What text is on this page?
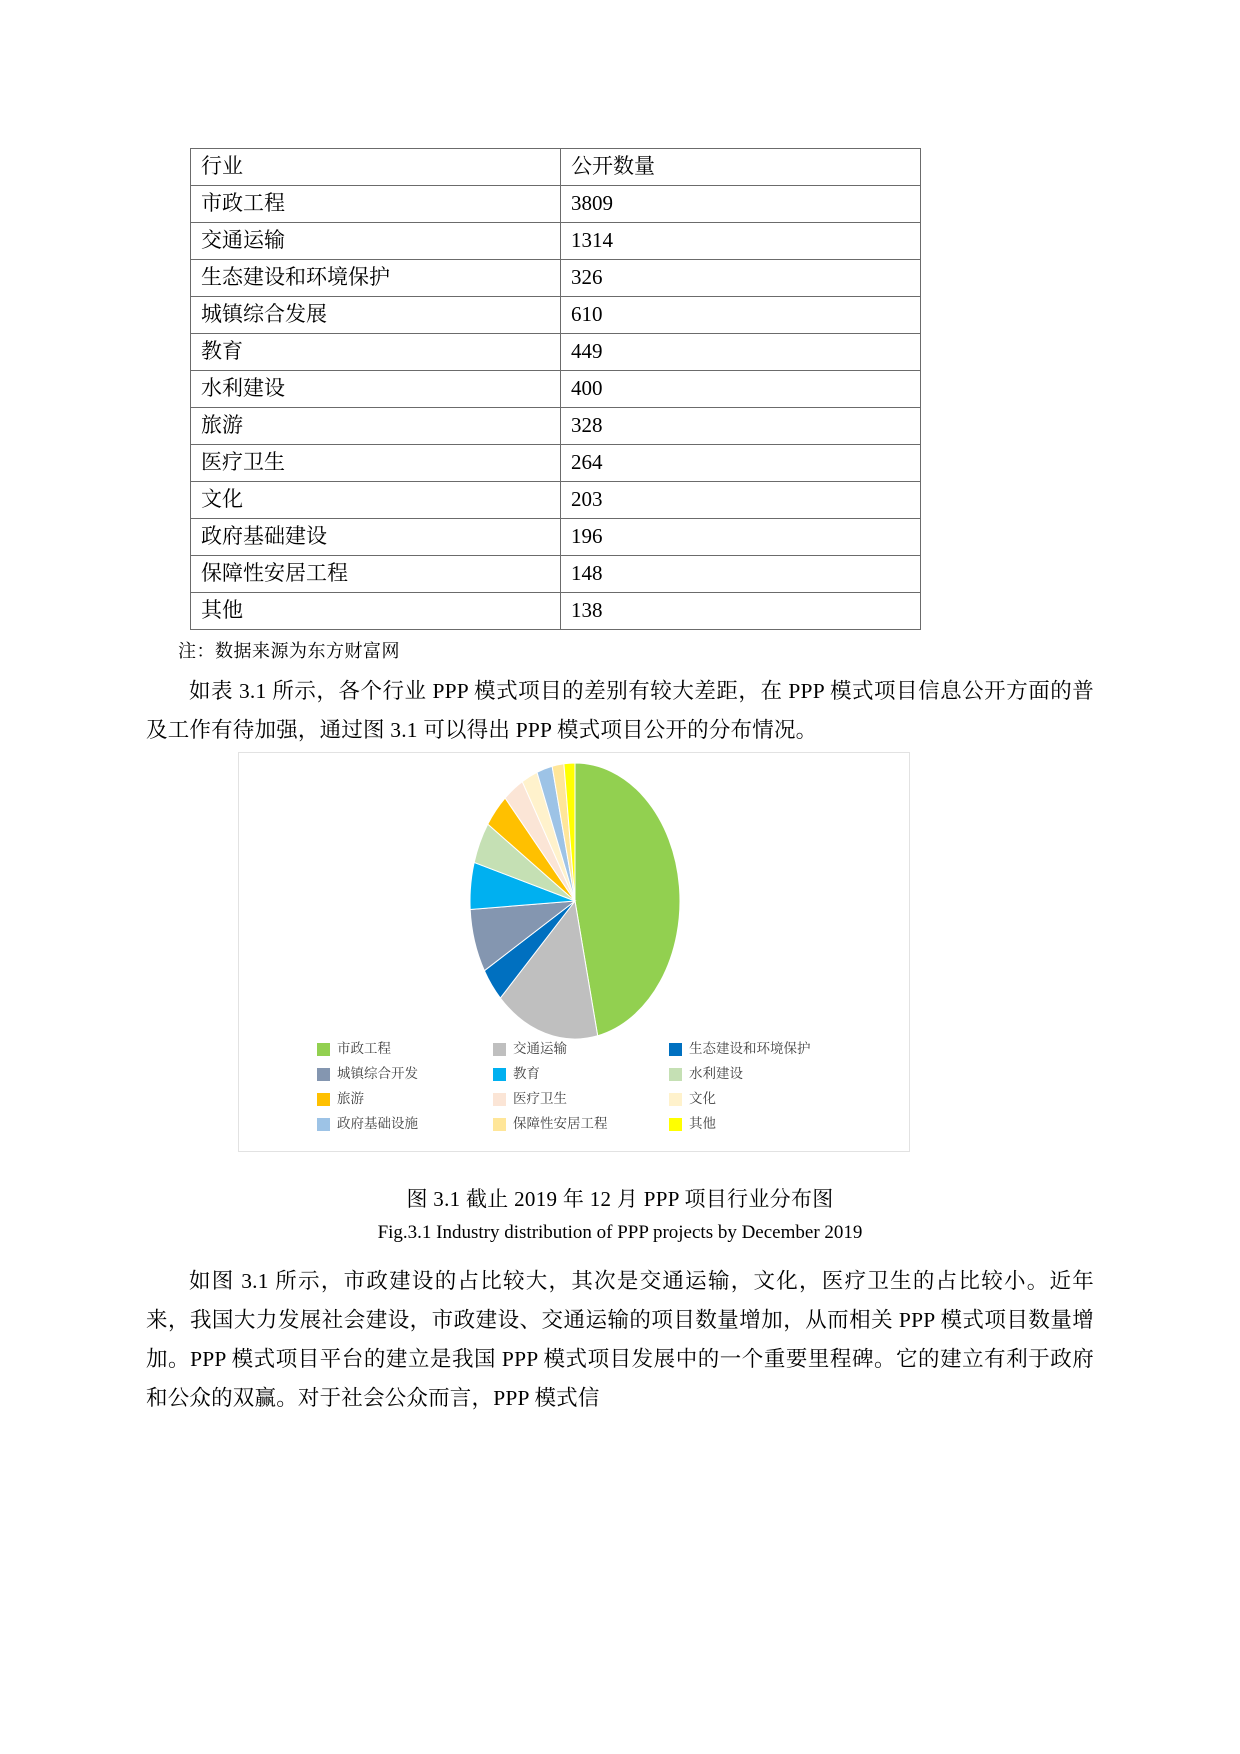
行业	公开数量
市政工程	3809
交通运输	1314
生态建设和环境保护	326
城镇综合发展	610
教育	449
水利建设	400
旅游	328
医疗卫生	264
文化	203
政府基础建设	196
保障性安居工程	148
其他	138
注：数据来源为东方财富网
如表 3.1 所示，各个行业 PPP 模式项目的差别有较大差距，在 PPP 模式项目信息公开方面的普及工作有待加强，通过图 3.1 可以得出 PPP 模式项目公开的分布情况。
市政工程	交通运输	生态建设和环境保护
城镇综合开发	教育	水利建设
旅游	医疗卫生	文化
政府基础设施	保障性安居工程	其他
图 3.1 截止 2019 年 12 月 PPP 项目行业分布图
Fig.3.1 Industry distribution of PPP projects by December 2019
如图 3.1 所示，市政建设的占比较大，其次是交通运输，文化，医疗卫生的占比较小。近年来，我国大力发展社会建设，市政建设、交通运输的项目数量增加，从而相关 PPP 模式项目数量增加。PPP 模式项目平台的建立是我国 PPP 模式项目发展中的一个重要里程碑。它的建立有利于政府和公众的双赢。对于社会公众而言，PPP 模式信
